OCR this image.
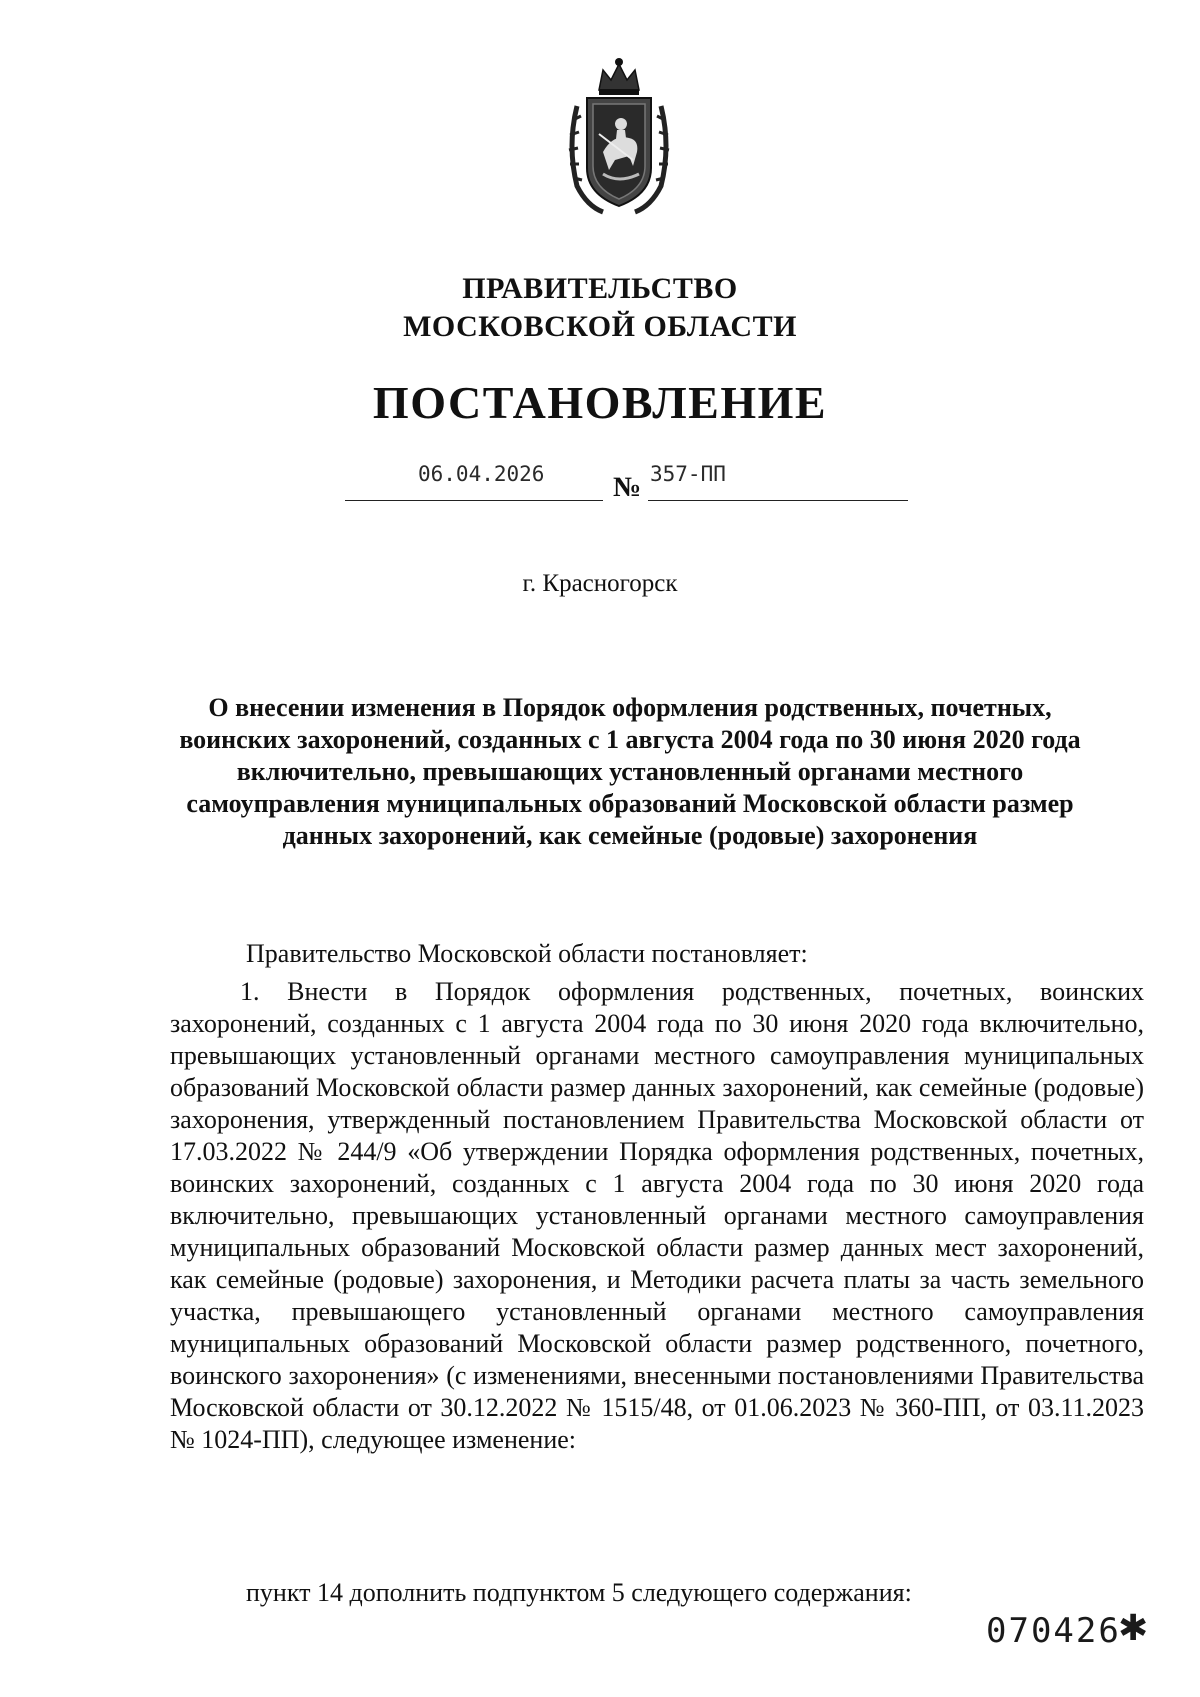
ПРАВИТЕЛЬСТВО
МОСКОВСКОЙ ОБЛАСТИ
ПОСТАНОВЛЕНИЕ
06.04.2026 № 357-ПП
г. Красногорск
О внесении изменения в Порядок оформления родственных, почетных, воинских захоронений, созданных с 1 августа 2004 года по 30 июня 2020 года включительно, превышающих установленный органами местного самоуправления муниципальных образований Московской области размер данных захоронений, как семейные (родовые) захоронения
Правительство Московской области постановляет:
1. Внести в Порядок оформления родственных, почетных, воинских захоронений, созданных с 1 августа 2004 года по 30 июня 2020 года включительно, превышающих установленный органами местного самоуправления муниципальных образований Московской области размер данных захоронений, как семейные (родовые) захоронения, утвержденный постановлением Правительства Московской области от 17.03.2022 № 244/9 «Об утверждении Порядка оформления родственных, почетных, воинских захоронений, созданных с 1 августа 2004 года по 30 июня 2020 года включительно, превышающих установленный органами местного самоуправления муниципальных образований Московской области размер данных мест захоронений, как семейные (родовые) захоронения, и Методики расчета платы за часть земельного участка, превышающего установленный органами местного самоуправления муниципальных образований Московской области размер родственного, почетного, воинского захоронения» (с изменениями, внесенными постановлениями Правительства Московской области от 30.12.2022 № 1515/48, от 01.06.2023 № 360-ПП, от 03.11.2023 № 1024-ПП), следующее изменение:
пункт 14 дополнить подпунктом 5 следующего содержания:
070426
✱
